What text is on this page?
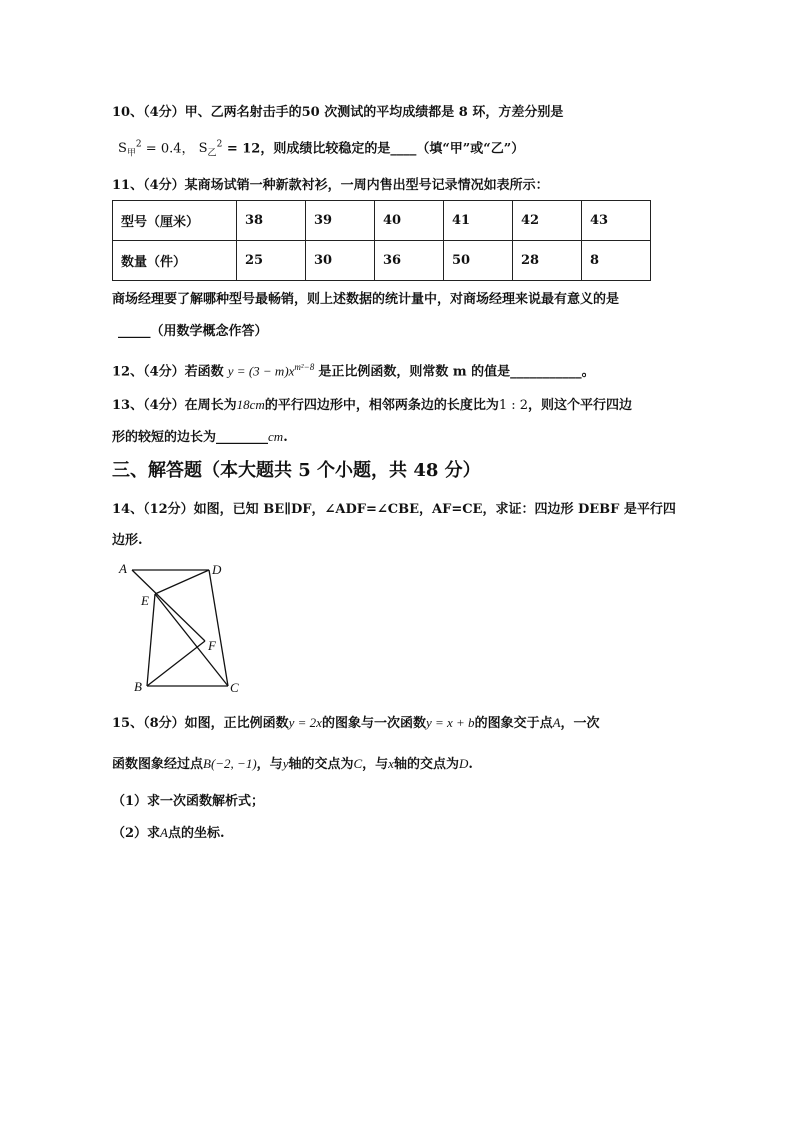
10、（4分）甲、乙两名射击手的50 次测试的平均成绩都是 8 环，方差分别是
$S_甲^2 = 0.4$， $S_乙^2 = 12$，则成绩比较稳定的是____（填“甲”或“乙”）
11、（4分）某商场试销一种新款衬衫，一周内售出型号记录情况如表所示：
型号（厘米）	38	39	40	41	42	43
数量（件）	25	30	36	50	28	8
商场经理要了解哪种型号最畅销，则上述数据的统计量中，对商场经理来说最有意义的是
_____（用数学概念作答）
12、（4分）若函数 $y = (3 - m)x^{m^2-8}$ 是正比例函数，则常数 m 的值是___________。
13、（4分）在周长为18cm的平行四边形中，相邻两条边的长度比为1 : 2，则这个平行四边
形的较短的边长为________cm.
三、解答题（本大题共 5 个小题，共 48 分）
14、（12分）如图，已知 BE∥DF，∠ADF=∠CBE，AF=CE，求证：四边形 DEBF 是平行四
边形.
A	D
E
F
B	C
15、（8分）如图，正比例函数y = 2x的图象与一次函数y = x + b的图象交于点A，一次
函数图象经过点B(−2, −1)，与y轴的交点为C，与x轴的交点为D.
（1）求一次函数解析式；
（2）求A点的坐标.
